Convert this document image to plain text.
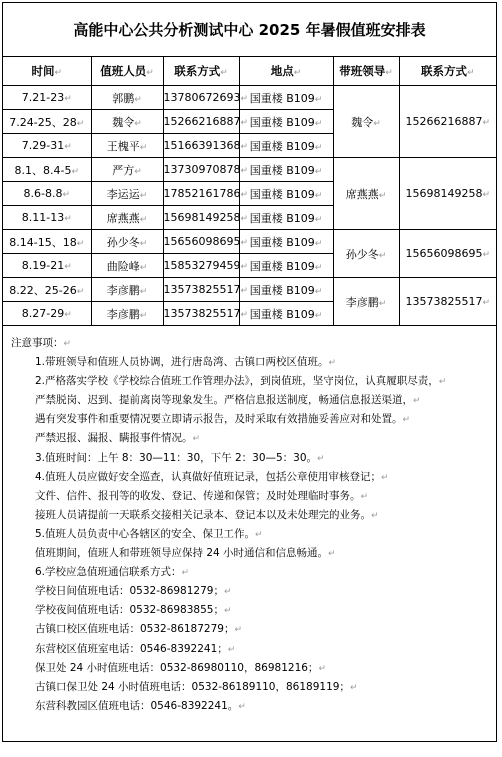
高能中心公共分析测试中心 2025 年暑假值班安排表
时间↵	值班人员↵	联系方式↵	地点↵	带班领导↵	联系方式↵
7.21-23↵	郭鹏↵	13780672693↵	国重楼 B109↵	魏令↵	15266216887↵
7.24-25、28↵	魏令↵	15266216887↵	国重楼 B109↵		
7.29-31↵	王槐平↵	15166391368↵	国重楼 B109↵		
8.1、8.4-5↵	严方↵	13730970878↵	国重楼 B109↵	席燕燕↵	15698149258↵
8.6-8.8↵	李运运↵	17852161786↵	国重楼 B109↵		
8.11-13↵	席燕燕↵	15698149258↵	国重楼 B109↵		
8.14-15、18↵	孙少冬↵	15656098695↵	国重楼 B109↵	孙少冬↵	15656098695↵
8.19-21↵	曲险峰↵	15853279459↵	国重楼 B109↵		
8.22、25-26↵	李彦鹏↵	13573825517↵	国重楼 B109↵	李彦鹏↵	13573825517↵
8.27-29↵	李彦鹏↵	13573825517↵	国重楼 B109↵		
注意事项：↵
1.带班领导和值班人员协调，进行唐岛湾、古镇口两校区值班。↵
2.严格落实学校《学校综合值班工作管理办法》，到岗值班，坚守岗位，认真履职尽责，↵
严禁脱岗、迟到、提前离岗等现象发生。严格信息报送制度，畅通信息报送渠道，↵
遇有突发事件和重要情况要立即请示报告，及时采取有效措施妥善应对和处置。↵
严禁迟报、漏报、瞒报事件情况。↵
3.值班时间：上午 8：30—11：30，下午 2：30—5：30。↵
4.值班人员应做好安全巡查，认真做好值班记录，包括公章使用审核登记；↵
文件、信件、报刊等的收发、登记、传递和保管；及时处理临时事务。↵
接班人员请提前一天联系交接相关记录本、登记本以及未处理完的业务。↵
5.值班人员负责中心各辖区的安全、保卫工作。↵
值班期间，值班人和带班领导应保持 24 小时通信和信息畅通。↵
6.学校应急值班通信联系方式：↵
学校日间值班电话：0532-86981279；↵
学校夜间值班电话：0532-86983855；↵
古镇口校区值班电话：0532-86187279；↵
东营校区值班室电话：0546-8392241；↵
保卫处 24 小时值班电话：0532-86980110，86981216；↵
古镇口保卫处 24 小时值班电话：0532-86189110，86189119；↵
东营科教园区值班电话：0546-8392241。↵
